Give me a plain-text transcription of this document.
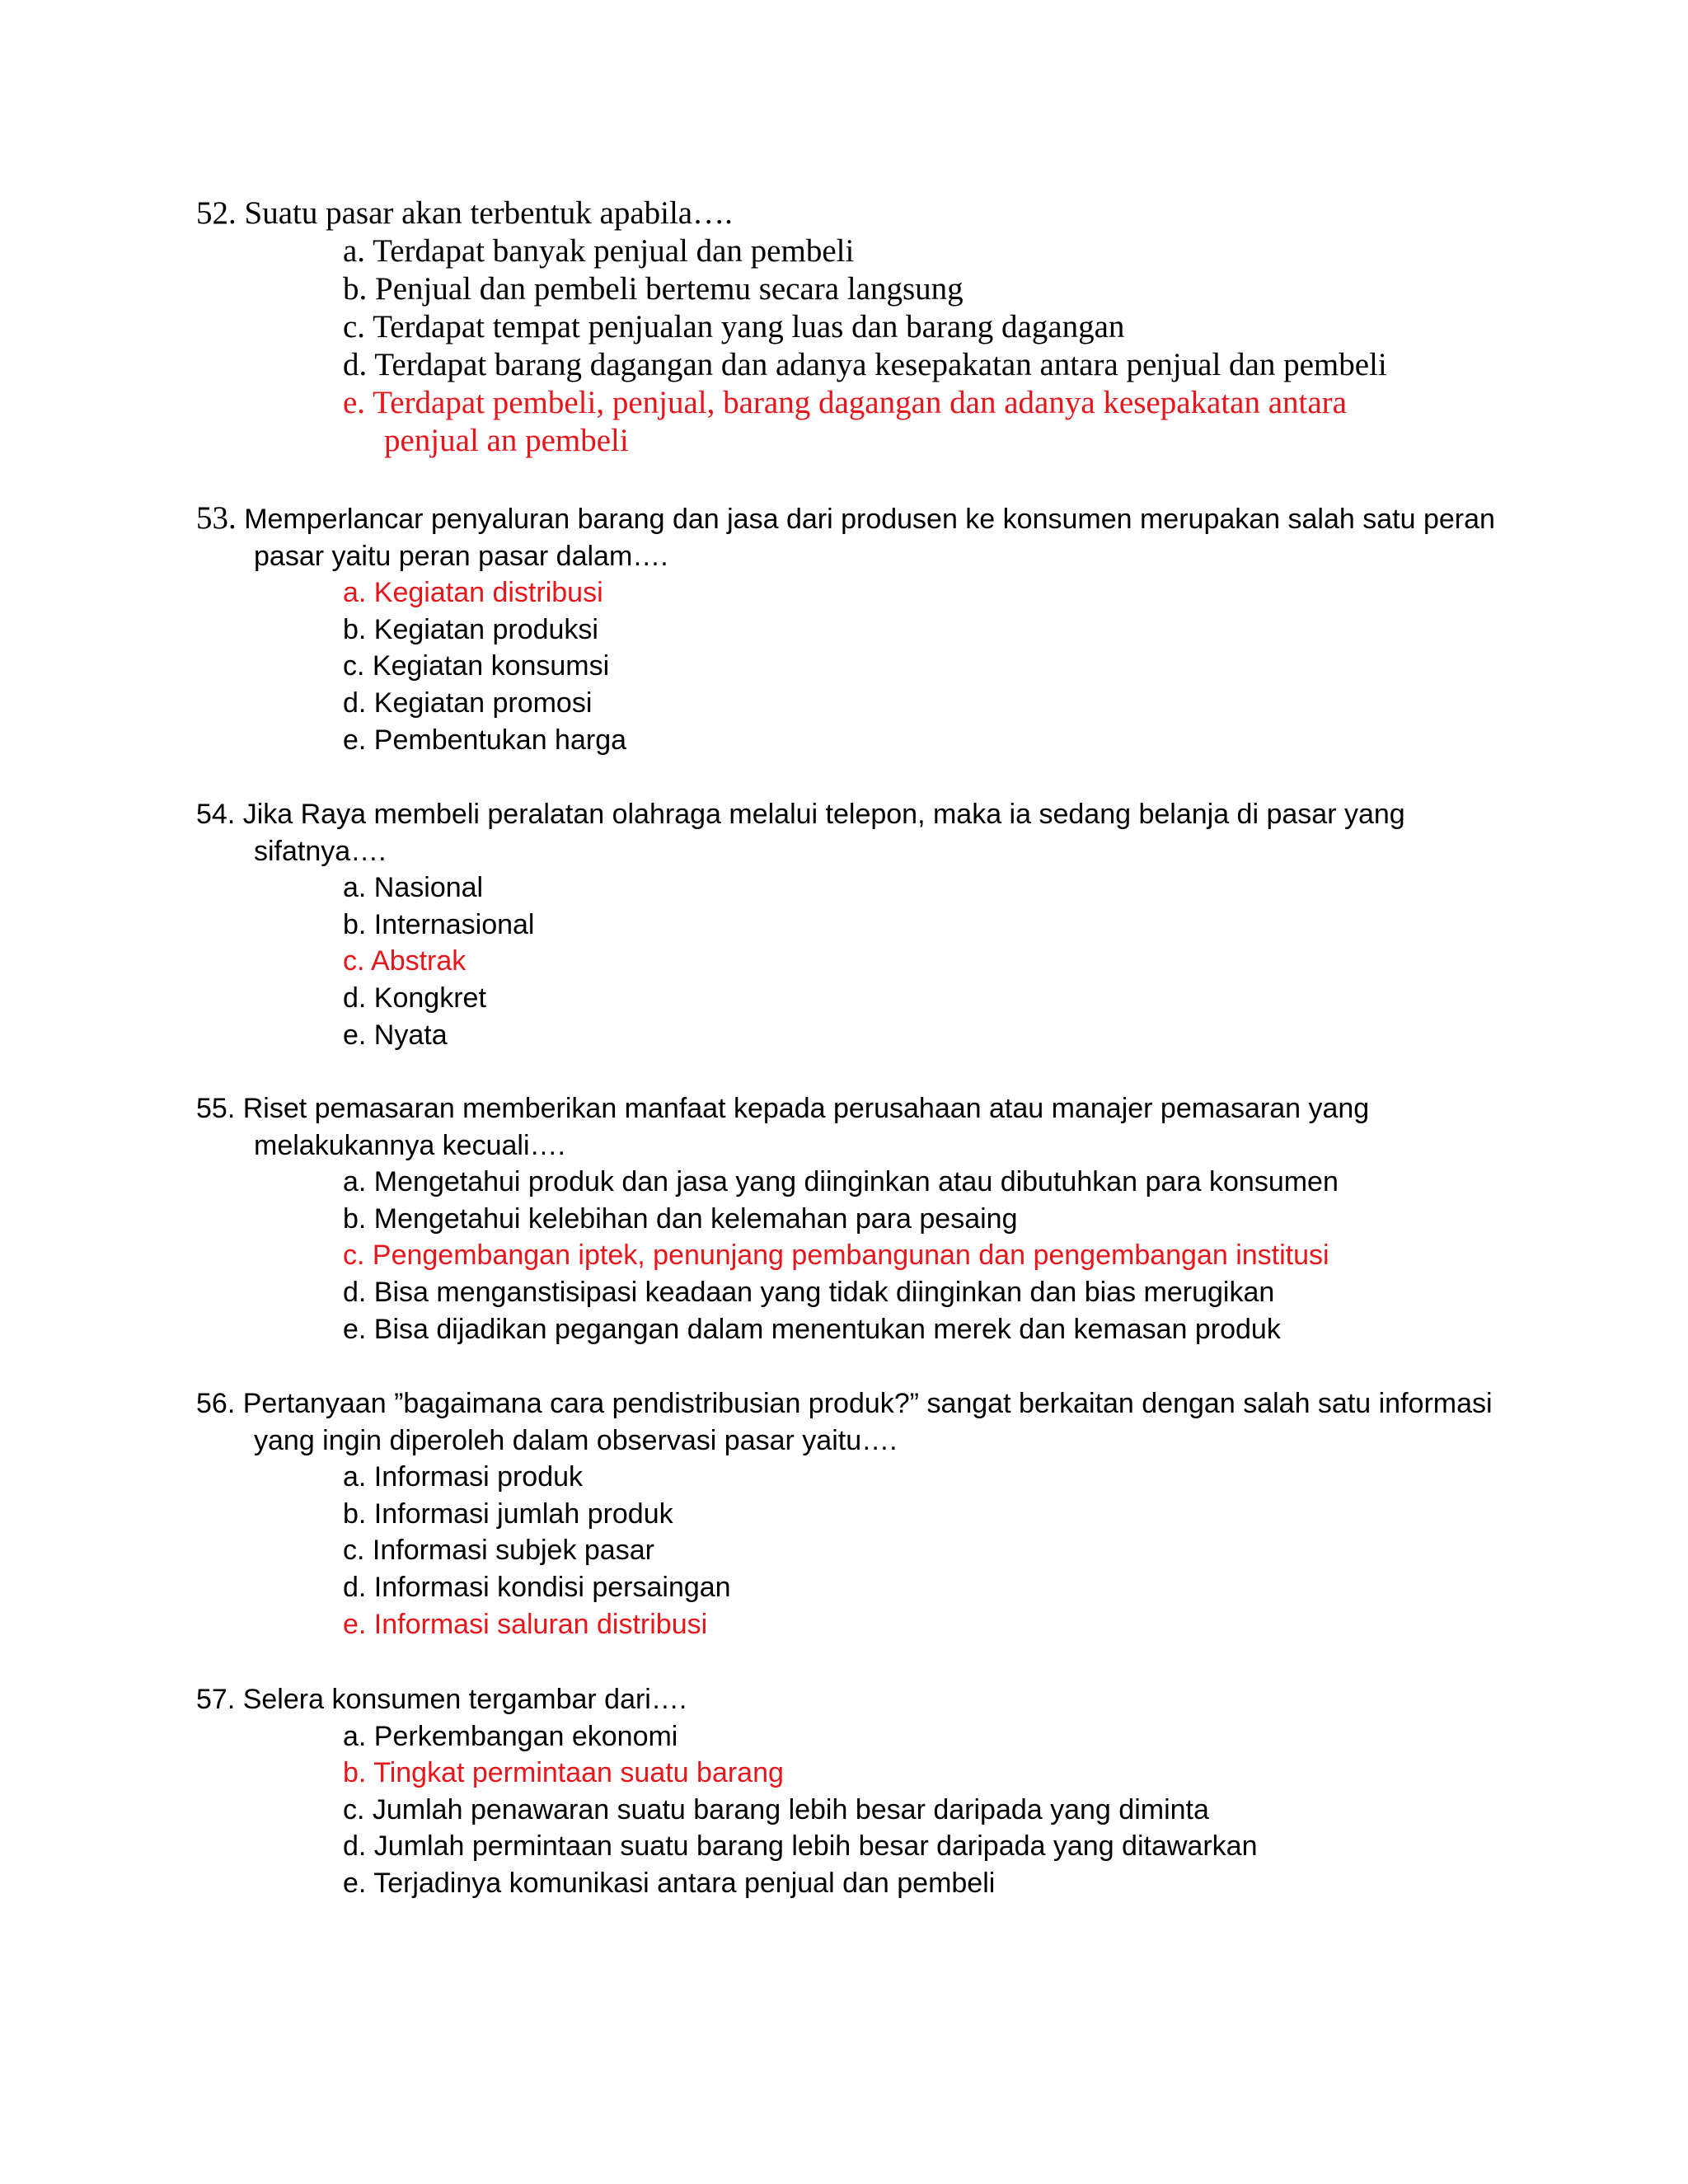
52. Suatu pasar akan terbentuk apabila….

a. Terdapat banyak penjual dan pembeli
b. Penjual dan pembeli bertemu secara langsung
c. Terdapat tempat penjualan yang luas dan barang dagangan
d. Terdapat barang dagangan dan adanya kesepakatan antara penjual dan pembeli
e. Terdapat pembeli, penjual, barang dagangan dan adanya kesepakatan antara penjual an pembeli

53. Memperlancar penyaluran barang dan jasa dari produsen ke konsumen merupakan salah satu peran pasar yaitu peran pasar dalam….

a. Kegiatan distribusi
b. Kegiatan produksi
c. Kegiatan konsumsi
d. Kegiatan promosi
e. Pembentukan harga

54. Jika Raya membeli peralatan olahraga melalui telepon, maka ia sedang belanja di pasar yang sifatnya….

a. Nasional
b. Internasional
c. Abstrak
d. Kongkret
e. Nyata

55. Riset pemasaran memberikan manfaat kepada perusahaan atau manajer pemasaran yang melakukannya kecuali….

a. Mengetahui produk dan jasa yang diinginkan atau dibutuhkan para konsumen
b. Mengetahui kelebihan dan kelemahan para pesaing
c. Pengembangan iptek, penunjang pembangunan dan pengembangan institusi
d. Bisa menganstisipasi keadaan yang tidak diinginkan dan bias merugikan
e. Bisa dijadikan pegangan dalam menentukan merek dan kemasan produk

56. Pertanyaan ”bagaimana cara pendistribusian produk?” sangat berkaitan dengan salah satu informasi yang ingin diperoleh dalam observasi pasar yaitu….

a. Informasi produk
b. Informasi jumlah produk
c. Informasi subjek pasar
d. Informasi kondisi persaingan
e. Informasi saluran distribusi

57. Selera konsumen tergambar dari….

a. Perkembangan ekonomi
b. Tingkat permintaan suatu barang
c. Jumlah penawaran suatu barang lebih besar daripada yang diminta
d. Jumlah permintaan suatu barang lebih besar daripada yang ditawarkan
e. Terjadinya komunikasi antara penjual dan pembeli
